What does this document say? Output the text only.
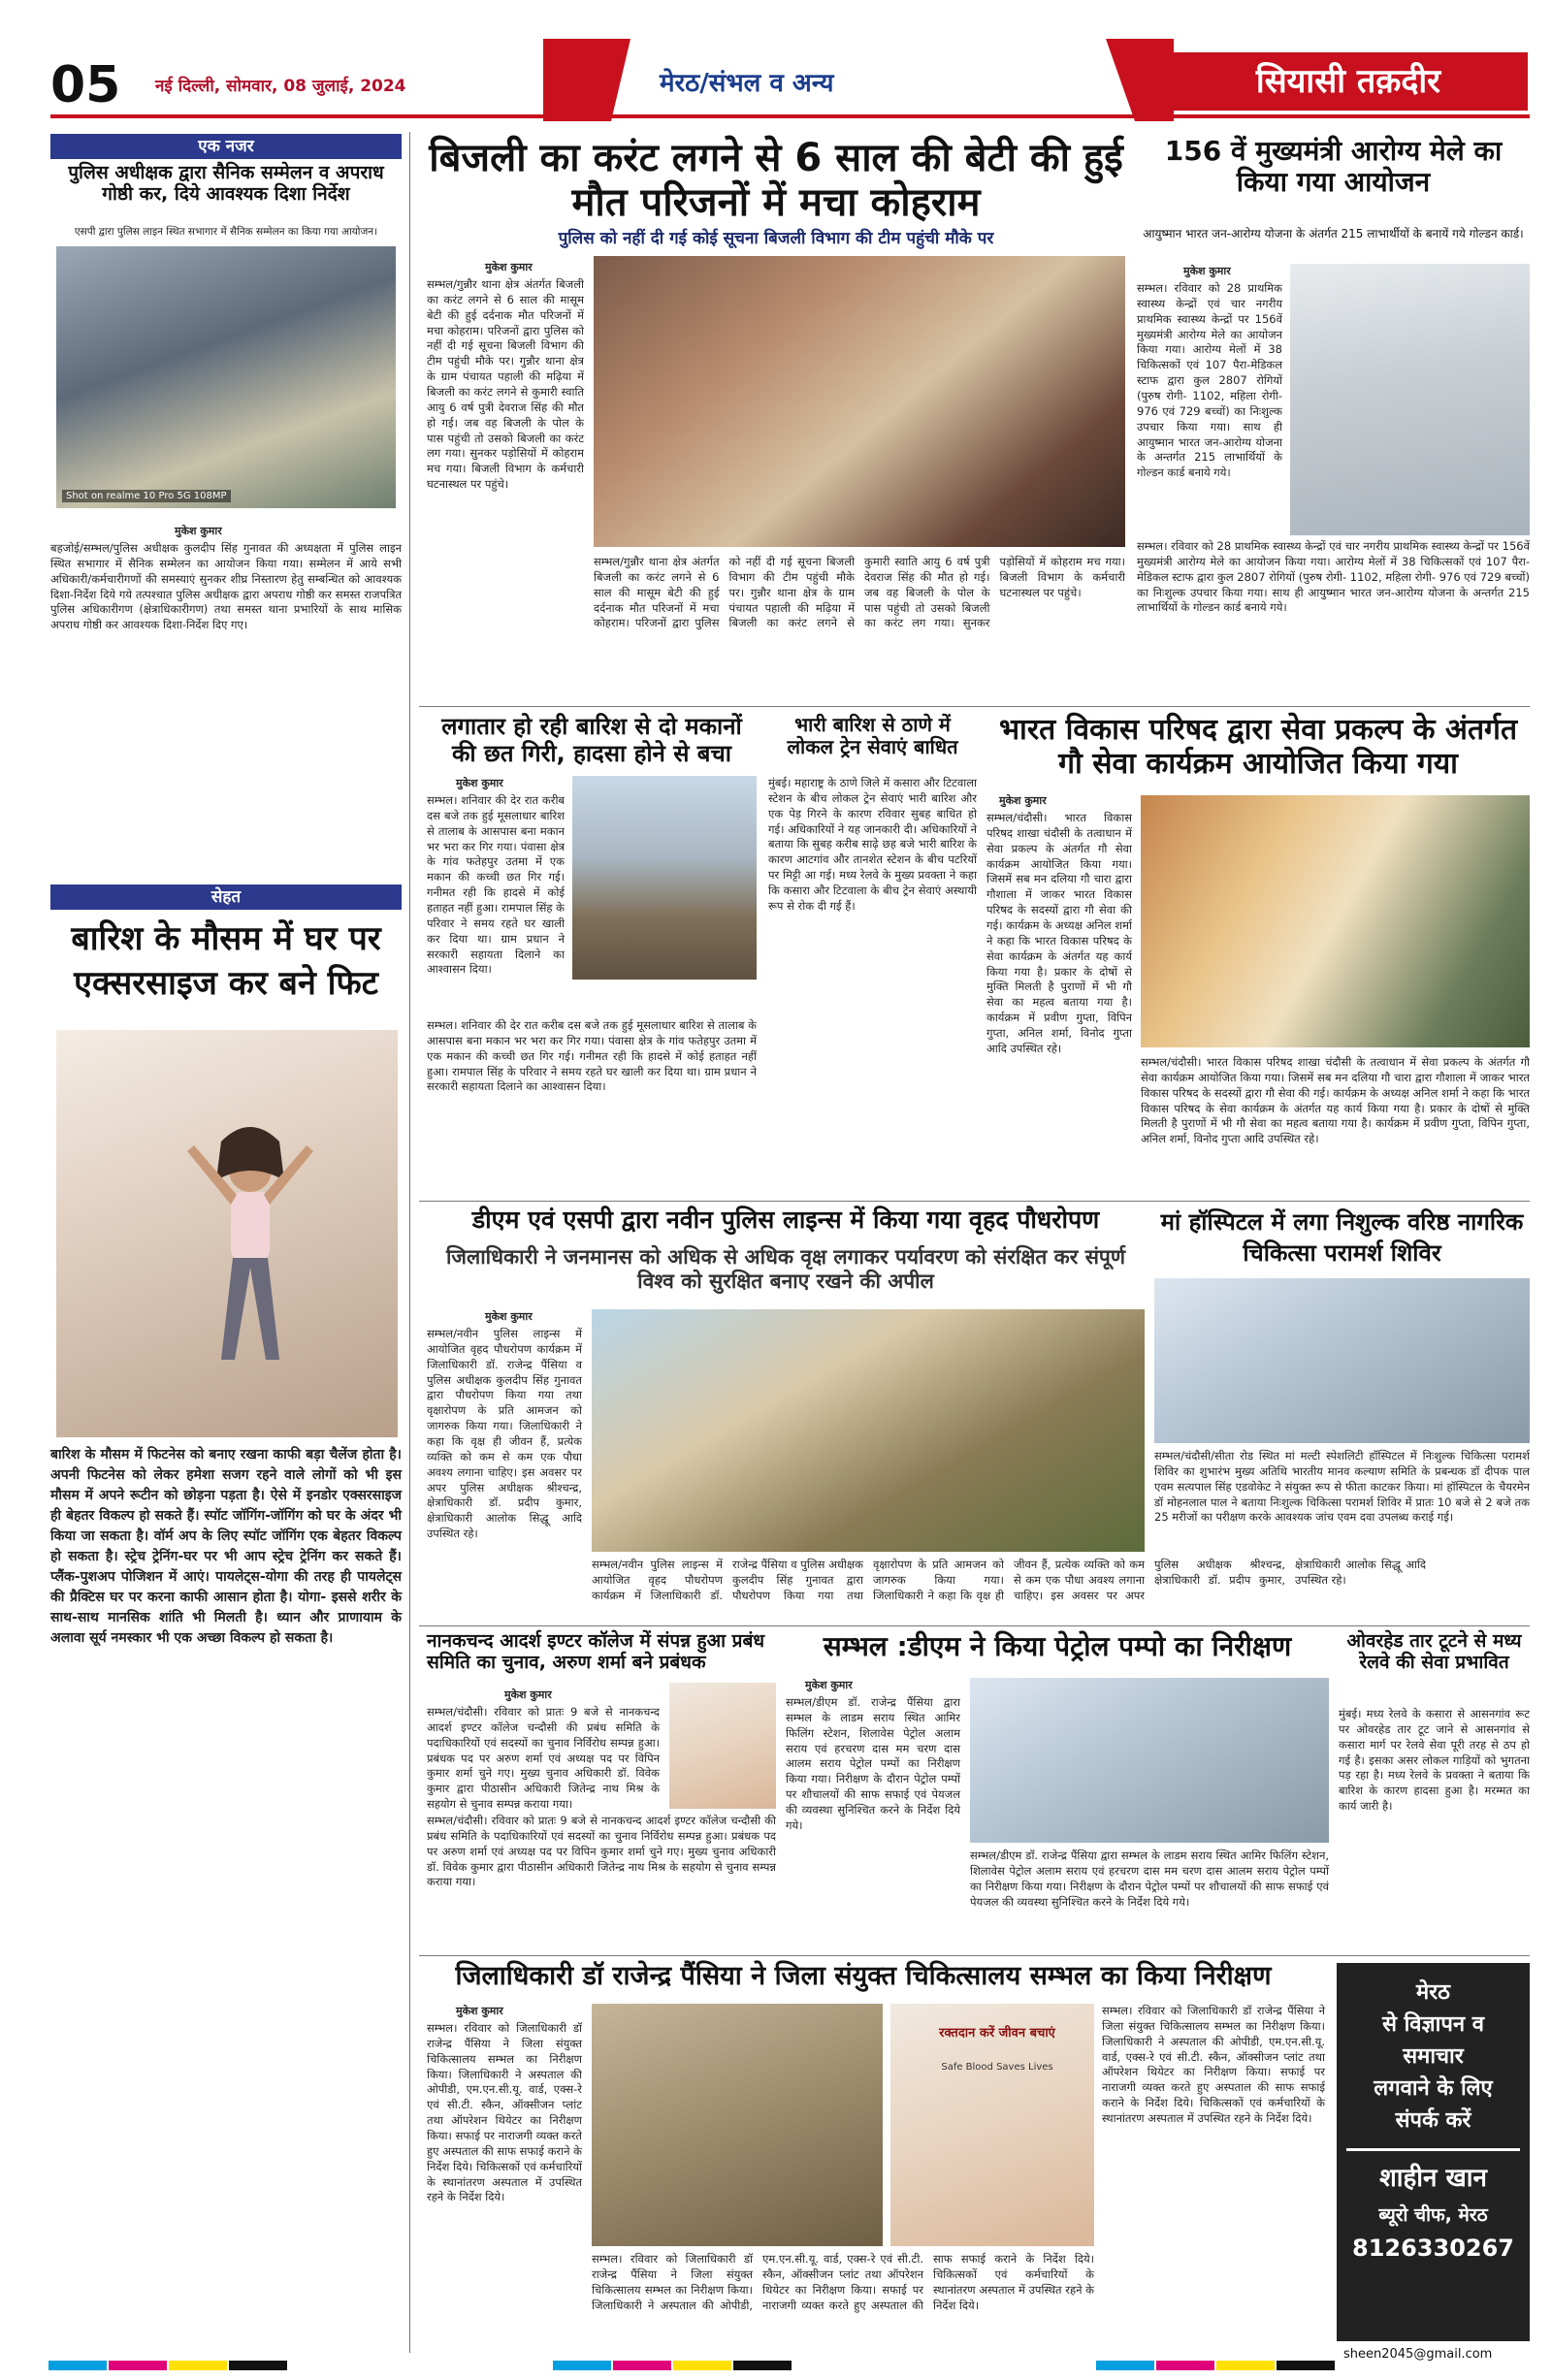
05 नई दिल्ली, सोमवार, 08 जुलाई, 2024	मेरठ/संभल व अन्य	सियासी तक़दीर
एक नजर
पुलिस अधीक्षक द्वारा सैनिक सम्मेलन व अपराध गोष्ठी कर, दिये आवश्यक दिशा निर्देश
एसपी द्वारा पुलिस लाइन स्थित सभागार में सैनिक सम्मेलन का किया गया आयोजन।
Shot on realme 10 Pro 5G 108MP
मुकेश कुमार
बहजोई/सम्भल/पुलिस अधीक्षक कुलदीप सिंह गुनावत की अध्यक्षता में पुलिस लाइन स्थित सभागार में सैनिक सम्मेलन का आयोजन किया गया। सम्मेलन में आये सभी अधिकारी/कर्मचारीगणों की समस्याएं सुनकर शीघ्र निस्तारण हेतु सम्बन्धित को आवश्यक दिशा-निर्देश दिये गये तत्पश्चात पुलिस अधीक्षक द्वारा अपराध गोष्ठी कर समस्त राजपत्रित पुलिस अधिकारीगण (क्षेत्राधिकारीगण) तथा समस्त थाना प्रभारियों के साथ मासिक अपराध गोष्ठी कर आवश्यक दिशा-निर्देश दिए गए।
सेहत
बारिश के मौसम में घर पर एक्सरसाइज कर बने फिट
बारिश के मौसम में फिटनेस को बनाए रखना काफी बड़ा चैलेंज होता है। अपनी फिटनेस को लेकर हमेशा सजग रहने वाले लोगों को भी इस मौसम में अपने रूटीन को छोड़ना पड़ता है। ऐसे में इनडोर एक्सरसाइज ही बेहतर विकल्प हो सकते हैं। स्पॉट जॉगिंग-जॉगिंग को घर के अंदर भी किया जा सकता है। वॉर्म अप के लिए स्पॉट जॉगिंग एक बेहतर विकल्प हो सकता है। स्ट्रेच ट्रेनिंग-घर पर भी आप स्ट्रेच ट्रेनिंग कर सकते हैं। प्लैंक-पुशअप पोजिशन में आएं। पायलेट्स-योगा की तरह ही पायलेट्स की प्रैक्टिस घर पर करना काफी आसान होता है। योगा- इससे शरीर के साथ-साथ मानसिक शांति भी मिलती है। ध्यान और प्राणायाम के अलावा सूर्य नमस्कार भी एक अच्छा विकल्प हो सकता है।
बिजली का करंट लगने से 6 साल की बेटी की हुई मौत परिजनों में मचा कोहराम
पुलिस को नहीं दी गई कोई सूचना बिजली विभाग की टीम पहुंची मौके पर
मुकेश कुमार
सम्भल/गुन्नौर थाना क्षेत्र अंतर्गत बिजली का करंट लगने से 6 साल की मासूम बेटी की हुई दर्दनाक मौत परिजनों में मचा कोहराम। परिजनों द्वारा पुलिस को नहीं दी गई सूचना बिजली विभाग की टीम पहुंची मौके पर। गुन्नौर थाना क्षेत्र के ग्राम पंचायत पहाली की मढ़िया में बिजली का करंट लगने से कुमारी स्वाति आयु 6 वर्ष पुत्री देवराज सिंह की मौत हो गई। जब वह बिजली के पोल के पास पहुंची तो उसको बिजली का करंट लग गया। सुनकर पड़ोसियों में कोहराम मच गया। बिजली विभाग के कर्मचारी घटनास्थल पर पहुंचे।
सम्भल/गुन्नौर थाना क्षेत्र अंतर्गत बिजली का करंट लगने से 6 साल की मासूम बेटी की हुई दर्दनाक मौत परिजनों में मचा कोहराम। परिजनों द्वारा पुलिस को नहीं दी गई सूचना बिजली विभाग की टीम पहुंची मौके पर। गुन्नौर थाना क्षेत्र के ग्राम पंचायत पहाली की मढ़िया में बिजली का करंट लगने से कुमारी स्वाति आयु 6 वर्ष पुत्री देवराज सिंह की मौत हो गई। जब वह बिजली के पोल के पास पहुंची तो उसको बिजली का करंट लग गया। सुनकर पड़ोसियों में कोहराम मच गया। बिजली विभाग के कर्मचारी घटनास्थल पर पहुंचे।
156 वें मुख्यमंत्री आरोग्य मेले का किया गया आयोजन
आयुष्मान भारत जन-आरोग्य योजना के अंतर्गत 215 लाभार्थीयों के बनायें गये गोल्डन कार्ड।
मुकेश कुमार
सम्भल। रविवार को 28 प्राथमिक स्वास्थ्य केन्द्रों एवं चार नगरीय प्राथमिक स्वास्थ्य केन्द्रों पर 156वें मुख्यमंत्री आरोग्य मेले का आयोजन किया गया। आरोग्य मेलों में 38 चिकित्सकों एवं 107 पैरा-मेडिकल स्टाफ द्वारा कुल 2807 रोगियों (पुरुष रोगी- 1102, महिला रोगी- 976 एवं 729 बच्चों) का निःशुल्क उपचार किया गया। साथ ही आयुष्मान भारत जन-आरोग्य योजना के अन्तर्गत 215 लाभार्थियों के गोल्डन कार्ड बनाये गये।
सम्भल। रविवार को 28 प्राथमिक स्वास्थ्य केन्द्रों एवं चार नगरीय प्राथमिक स्वास्थ्य केन्द्रों पर 156वें मुख्यमंत्री आरोग्य मेले का आयोजन किया गया। आरोग्य मेलों में 38 चिकित्सकों एवं 107 पैरा-मेडिकल स्टाफ द्वारा कुल 2807 रोगियों (पुरुष रोगी- 1102, महिला रोगी- 976 एवं 729 बच्चों) का निःशुल्क उपचार किया गया। साथ ही आयुष्मान भारत जन-आरोग्य योजना के अन्तर्गत 215 लाभार्थियों के गोल्डन कार्ड बनाये गये।
लगातार हो रही बारिश से दो मकानों की छत गिरी, हादसा होने से बचा
मुकेश कुमार
सम्भल। शनिवार की देर रात करीब दस बजे तक हुई मूसलाधार बारिश से तालाब के आसपास बना मकान भर भरा कर गिर गया। पंवासा क्षेत्र के गांव फतेहपुर उतमा में एक मकान की कच्ची छत गिर गई। गनीमत रही कि हादसे में कोई हताहत नहीं हुआ। रामपाल सिंह के परिवार ने समय रहते घर खाली कर दिया था। ग्राम प्रधान ने सरकारी सहायता दिलाने का आश्वासन दिया।
सम्भल। शनिवार की देर रात करीब दस बजे तक हुई मूसलाधार बारिश से तालाब के आसपास बना मकान भर भरा कर गिर गया। पंवासा क्षेत्र के गांव फतेहपुर उतमा में एक मकान की कच्ची छत गिर गई। गनीमत रही कि हादसे में कोई हताहत नहीं हुआ। रामपाल सिंह के परिवार ने समय रहते घर खाली कर दिया था। ग्राम प्रधान ने सरकारी सहायता दिलाने का आश्वासन दिया।
भारी बारिश से ठाणे में लोकल ट्रेन सेवाएं बाधित
मुंबई। महाराष्ट्र के ठाणे जिले में कसारा और टिटवाला स्टेशन के बीच लोकल ट्रेन सेवाएं भारी बारिश और एक पेड़ गिरने के कारण रविवार सुबह बाधित हो गई। अधिकारियों ने यह जानकारी दी। अधिकारियों ने बताया कि सुबह करीब साढ़े छह बजे भारी बारिश के कारण आटगांव और तानशेत स्टेशन के बीच पटरियों पर मिट्टी आ गई। मध्य रेलवे के मुख्य प्रवक्ता ने कहा कि कसारा और टिटवाला के बीच ट्रेन सेवाएं अस्थायी रूप से रोक दी गई हैं।
भारत विकास परिषद द्वारा सेवा प्रकल्प के अंतर्गत गौ सेवा कार्यक्रम आयोजित किया गया
मुकेश कुमार
सम्भल/चंदौसी। भारत विकास परिषद शाखा चंदौसी के तत्वाधान में सेवा प्रकल्प के अंतर्गत गौ सेवा कार्यक्रम आयोजित किया गया। जिसमें सब मन दलिया गौ चारा द्वारा गौशाला में जाकर भारत विकास परिषद के सदस्यों द्वारा गौ सेवा की गई। कार्यक्रम के अध्यक्ष अनिल शर्मा ने कहा कि भारत विकास परिषद के सेवा कार्यक्रम के अंतर्गत यह कार्य किया गया है। प्रकार के दोषों से मुक्ति मिलती है पुराणों में भी गौ सेवा का महत्व बताया गया है। कार्यक्रम में प्रवीण गुप्ता, विपिन गुप्ता, अनिल शर्मा, विनोद गुप्ता आदि उपस्थित रहे।
सम्भल/चंदौसी। भारत विकास परिषद शाखा चंदौसी के तत्वाधान में सेवा प्रकल्प के अंतर्गत गौ सेवा कार्यक्रम आयोजित किया गया। जिसमें सब मन दलिया गौ चारा द्वारा गौशाला में जाकर भारत विकास परिषद के सदस्यों द्वारा गौ सेवा की गई। कार्यक्रम के अध्यक्ष अनिल शर्मा ने कहा कि भारत विकास परिषद के सेवा कार्यक्रम के अंतर्गत यह कार्य किया गया है। प्रकार के दोषों से मुक्ति मिलती है पुराणों में भी गौ सेवा का महत्व बताया गया है। कार्यक्रम में प्रवीण गुप्ता, विपिन गुप्ता, अनिल शर्मा, विनोद गुप्ता आदि उपस्थित रहे।
डीएम एवं एसपी द्वारा नवीन पुलिस लाइन्स में किया गया वृहद पौधरोपण
जिलाधिकारी ने जनमानस को अधिक से अधिक वृक्ष लगाकर पर्यावरण को संरक्षित कर संपूर्ण विश्व को सुरक्षित बनाए रखने की अपील
मुकेश कुमार
सम्भल/नवीन पुलिस लाइन्स में आयोजित वृहद पौधरोपण कार्यक्रम में जिलाधिकारी डॉ. राजेन्द्र पैंसिया व पुलिस अधीक्षक कुलदीप सिंह गुनावत द्वारा पौधरोपण किया गया तथा वृक्षारोपण के प्रति आमजन को जागरुक किया गया। जिलाधिकारी ने कहा कि वृक्ष ही जीवन हैं, प्रत्येक व्यक्ति को कम से कम एक पौधा अवश्य लगाना चाहिए। इस अवसर पर अपर पुलिस अधीक्षक श्रीश्चन्द्र, क्षेत्राधिकारी डॉ. प्रदीप कुमार, क्षेत्राधिकारी आलोक सिद्धू आदि उपस्थित रहे।
सम्भल/नवीन पुलिस लाइन्स में आयोजित वृहद पौधरोपण कार्यक्रम में जिलाधिकारी डॉ. राजेन्द्र पैंसिया व पुलिस अधीक्षक कुलदीप सिंह गुनावत द्वारा पौधरोपण किया गया तथा वृक्षारोपण के प्रति आमजन को जागरुक किया गया। जिलाधिकारी ने कहा कि वृक्ष ही जीवन हैं, प्रत्येक व्यक्ति को कम से कम एक पौधा अवश्य लगाना चाहिए। इस अवसर पर अपर पुलिस अधीक्षक श्रीश्चन्द्र, क्षेत्राधिकारी डॉ. प्रदीप कुमार, क्षेत्राधिकारी आलोक सिद्धू आदि उपस्थित रहे।
मां हॉस्पिटल में लगा निशुल्क वरिष्ठ नागरिक चिकित्सा परामर्श शिविर
सम्भल/चंदौसी/सीता रोड स्थित मां मल्टी स्पेशलिटी हॉस्पिटल में निःशुल्क चिकित्सा परामर्श शिविर का शुभारंभ मुख्य अतिथि भारतीय मानव कल्याण समिति के प्रबन्धक डॉ दीपक पाल एवम सत्यपाल सिंह एडवोकेट ने संयुक्त रूप से फीता काटकर किया। मां हॉस्पिटल के चैयरमेन डॉ मोहनलाल पाल ने बताया निःशुल्क चिकित्सा परामर्श शिविर में प्रातः 10 बजे से 2 बजे तक 25 मरीजों का परीक्षण करके आवश्यक जांच एवम दवा उपलब्ध कराई गई।
नानकचन्द आदर्श इण्टर कॉलेज में संपन्न हुआ प्रबंध समिति का चुनाव, अरुण शर्मा बने प्रबंधक
मुकेश कुमार
सम्भल/चंदौसी। रविवार को प्रातः 9 बजे से नानकचन्द आदर्श इण्टर कॉलेज चन्दौसी की प्रबंध समिति के पदाधिकारियों एवं सदस्यों का चुनाव निर्विरोध सम्पन्न हुआ। प्रबंधक पद पर अरुण शर्मा एवं अध्यक्ष पद पर विपिन कुमार शर्मा चुने गए। मुख्य चुनाव अधिकारी डॉ. विवेक कुमार द्वारा पीठासीन अधिकारी जितेन्द्र नाथ मिश्र के सहयोग से चुनाव सम्पन्न कराया गया।
सम्भल/चंदौसी। रविवार को प्रातः 9 बजे से नानकचन्द आदर्श इण्टर कॉलेज चन्दौसी की प्रबंध समिति के पदाधिकारियों एवं सदस्यों का चुनाव निर्विरोध सम्पन्न हुआ। प्रबंधक पद पर अरुण शर्मा एवं अध्यक्ष पद पर विपिन कुमार शर्मा चुने गए। मुख्य चुनाव अधिकारी डॉ. विवेक कुमार द्वारा पीठासीन अधिकारी जितेन्द्र नाथ मिश्र के सहयोग से चुनाव सम्पन्न कराया गया।
सम्भल :डीएम ने किया पेट्रोल पम्पो का निरीक्षण
मुकेश कुमार
सम्भल/डीएम डॉ. राजेन्द्र पैंसिया द्वारा सम्भल के लाडम सराय स्थित आमिर फिलिंग स्टेशन, शिलावेस पेट्रोल अलाम सराय एवं हरचरण दास मम चरण दास आलम सराय पेट्रोल पम्पों का निरीक्षण किया गया। निरीक्षण के दौरान पेट्रोल पम्पों पर शौचालयों की साफ सफाई एवं पेयजल की व्यवस्था सुनिश्चित करने के निर्देश दिये गये।
सम्भल/डीएम डॉ. राजेन्द्र पैंसिया द्वारा सम्भल के लाडम सराय स्थित आमिर फिलिंग स्टेशन, शिलावेस पेट्रोल अलाम सराय एवं हरचरण दास मम चरण दास आलम सराय पेट्रोल पम्पों का निरीक्षण किया गया। निरीक्षण के दौरान पेट्रोल पम्पों पर शौचालयों की साफ सफाई एवं पेयजल की व्यवस्था सुनिश्चित करने के निर्देश दिये गये।
ओवरहेड तार टूटने से मध्य रेलवे की सेवा प्रभावित
मुंबई। मध्य रेलवे के कसारा से आसनगांव रूट पर ओवरहेड तार टूट जाने से आसनगांव से कसारा मार्ग पर रेलवे सेवा पूरी तरह से ठप हो गई है। इसका असर लोकल गाड़ियों को भुगतना पड़ रहा है। मध्य रेलवे के प्रवक्ता ने बताया कि बारिश के कारण हादसा हुआ है। मरम्मत का कार्य जारी है।
जिलाधिकारी डॉ राजेन्द्र पैंसिया ने जिला संयुक्त चिकित्सालय सम्भल का किया निरीक्षण
मुकेश कुमार
सम्भल। रविवार को जिलाधिकारी डॉ राजेन्द्र पैंसिया ने जिला संयुक्त चिकित्सालय सम्भल का निरीक्षण किया। जिलाधिकारी ने अस्पताल की ओपीडी, एम.एन.सी.यू. वार्ड, एक्स-रे एवं सी.टी. स्कैन, ऑक्सीजन प्लांट तथा ऑपरेशन थियेटर का निरीक्षण किया। सफाई पर नाराजगी व्यक्त करते हुए अस्पताल की साफ सफाई कराने के निर्देश दिये। चिकित्सकों एवं कर्मचारियों के स्थानांतरण अस्पताल में उपस्थित रहने के निर्देश दिये।
रक्तदान करें जीवन बचाएं
Safe Blood Saves Lives
सम्भल। रविवार को जिलाधिकारी डॉ राजेन्द्र पैंसिया ने जिला संयुक्त चिकित्सालय सम्भल का निरीक्षण किया। जिलाधिकारी ने अस्पताल की ओपीडी, एम.एन.सी.यू. वार्ड, एक्स-रे एवं सी.टी. स्कैन, ऑक्सीजन प्लांट तथा ऑपरेशन थियेटर का निरीक्षण किया। सफाई पर नाराजगी व्यक्त करते हुए अस्पताल की साफ सफाई कराने के निर्देश दिये। चिकित्सकों एवं कर्मचारियों के स्थानांतरण अस्पताल में उपस्थित रहने के निर्देश दिये।
सम्भल। रविवार को जिलाधिकारी डॉ राजेन्द्र पैंसिया ने जिला संयुक्त चिकित्सालय सम्भल का निरीक्षण किया। जिलाधिकारी ने अस्पताल की ओपीडी, एम.एन.सी.यू. वार्ड, एक्स-रे एवं सी.टी. स्कैन, ऑक्सीजन प्लांट तथा ऑपरेशन थियेटर का निरीक्षण किया। सफाई पर नाराजगी व्यक्त करते हुए अस्पताल की साफ सफाई कराने के निर्देश दिये। चिकित्सकों एवं कर्मचारियों के स्थानांतरण अस्पताल में उपस्थित रहने के निर्देश दिये।
मेरठ
से विज्ञापन व
समाचार
लगवाने के लिए
संपर्क करें
शाहीन खान
ब्यूरो चीफ, मेरठ
8126330267
sheen2045@gmail.com
